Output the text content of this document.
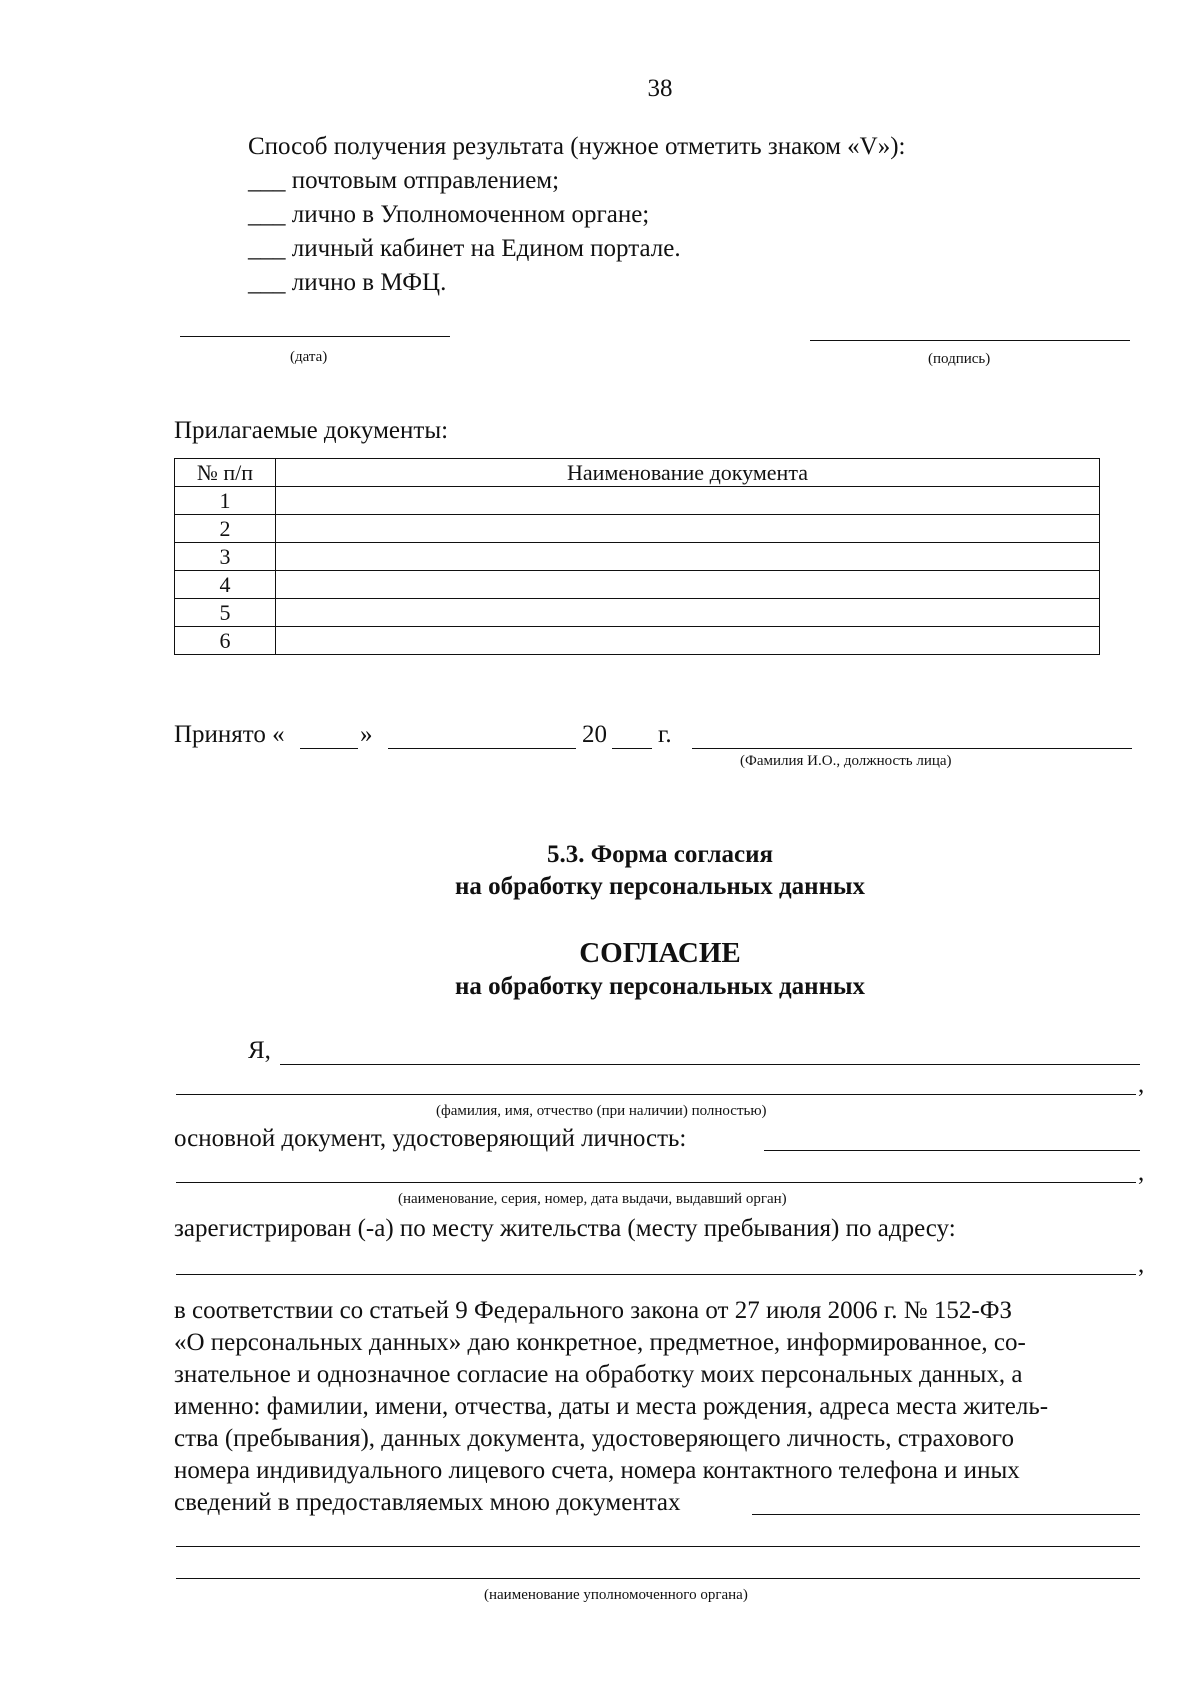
38
Способ получения результата (нужное отметить знаком «V»):
___ почтовым отправлением;
___ лично в Уполномоченном органе;
___ личный кабинет на Едином портале.
___ лично в МФЦ.
(дата)	(подпись)
Прилагаемые документы:
№ п/п	Наименование документа
1	
2	
3	
4	
5	
6	
Принято «	»	20 г.
(Фамилия И.О., должность лица)
5.3. Форма согласия
на обработку персональных данных
СОГЛАСИЕ
на обработку персональных данных
Я,
,
(фамилия, имя, отчество (при наличии) полностью)
основной документ, удостоверяющий личность:
,
(наименование, серия, номер, дата выдачи, выдавший орган)
зарегистрирован (-а) по месту жительства (месту пребывания) по адресу:
,
в соответствии со статьей 9 Федерального закона от 27 июля 2006 г. № 152-ФЗ
«О персональных данных» даю конкретное, предметное, информированное, со-
знательное и однозначное согласие на обработку моих персональных данных, а
именно: фамилии, имени, отчества, даты и места рождения, адреса места житель-
ства (пребывания), данных документа, удостоверяющего личность, страхового
номера индивидуального лицевого счета, номера контактного телефона и иных
сведений в предоставляемых мною документах
(наименование уполномоченного органа)
